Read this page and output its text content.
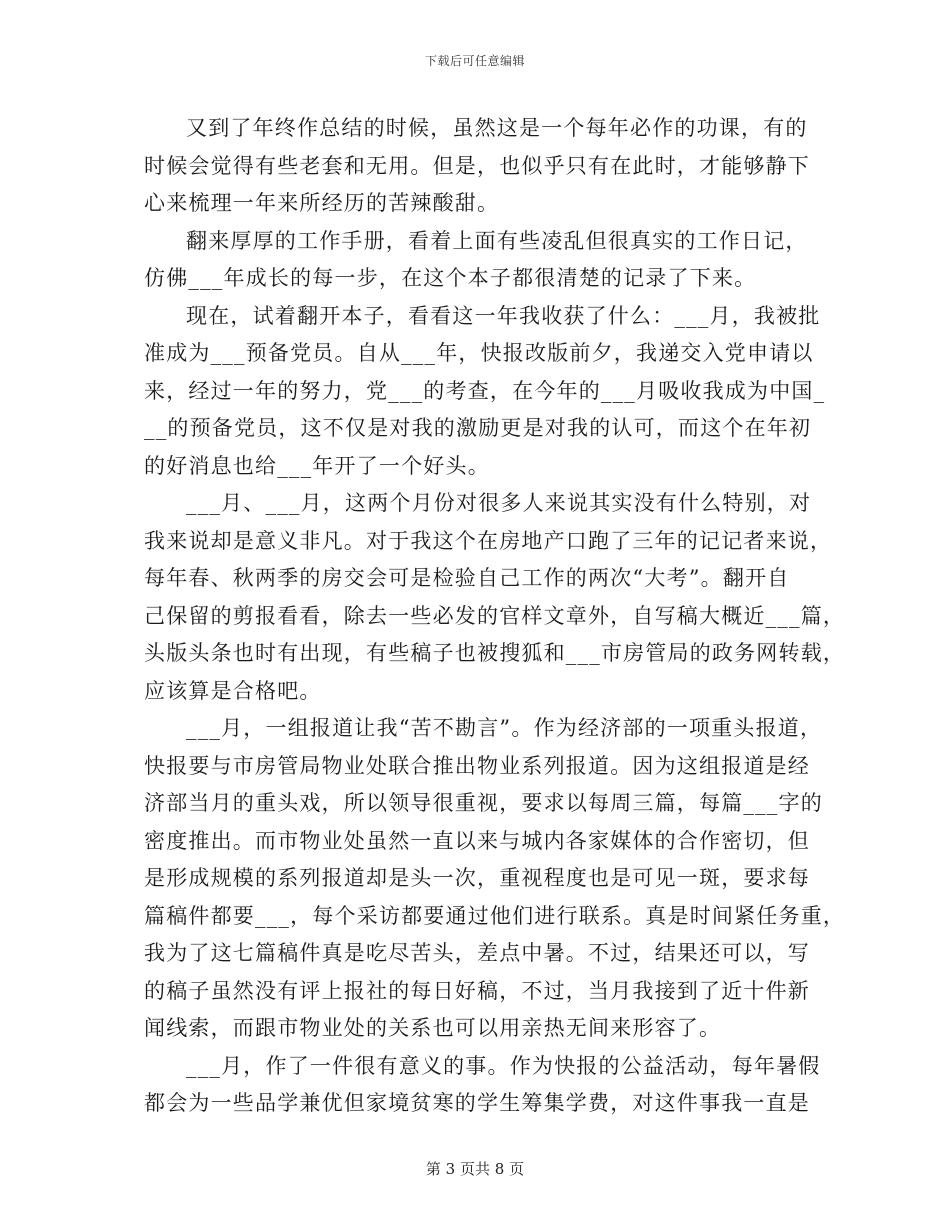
下载后可任意编辑
又到了年终作总结的时候，虽然这是一个每年必作的功课，有的
时候会觉得有些老套和无用。但是，也似乎只有在此时，才能够静下
心来梳理一年来所经历的苦辣酸甜。
翻来厚厚的工作手册，看着上面有些凌乱但很真实的工作日记，
仿佛___年成长的每一步，在这个本子都很清楚的记录了下来。
现在，试着翻开本子，看看这一年我收获了什么：___月，我被批
准成为___预备党员。自从___年，快报改版前夕，我递交入党申请以
来，经过一年的努力，党___的考查，在今年的___月吸收我成为中国_
__的预备党员，这不仅是对我的激励更是对我的认可，而这个在年初
的好消息也给___年开了一个好头。
___月、___月，这两个月份对很多人来说其实没有什么特别，对
我来说却是意义非凡。对于我这个在房地产口跑了三年的记记者来说，
每年春、秋两季的房交会可是检验自己工作的两次“大考”。翻开自
己保留的剪报看看，除去一些必发的官样文章外，自写稿大概近___篇，
头版头条也时有出现，有些稿子也被搜狐和___市房管局的政务网转载，
应该算是合格吧。
___月，一组报道让我“苦不勘言”。作为经济部的一项重头报道，
快报要与市房管局物业处联合推出物业系列报道。因为这组报道是经
济部当月的重头戏，所以领导很重视，要求以每周三篇，每篇___字的
密度推出。而市物业处虽然一直以来与城内各家媒体的合作密切，但
是形成规模的系列报道却是头一次，重视程度也是可见一斑，要求每
篇稿件都要___，每个采访都要通过他们进行联系。真是时间紧任务重，
我为了这七篇稿件真是吃尽苦头，差点中暑。不过，结果还可以，写
的稿子虽然没有评上报社的每日好稿，不过，当月我接到了近十件新
闻线索，而跟市物业处的关系也可以用亲热无间来形容了。
___月，作了一件很有意义的事。作为快报的公益活动，每年暑假
都会为一些品学兼优但家境贫寒的学生筹集学费，对这件事我一直是
第 3 页共 8 页
